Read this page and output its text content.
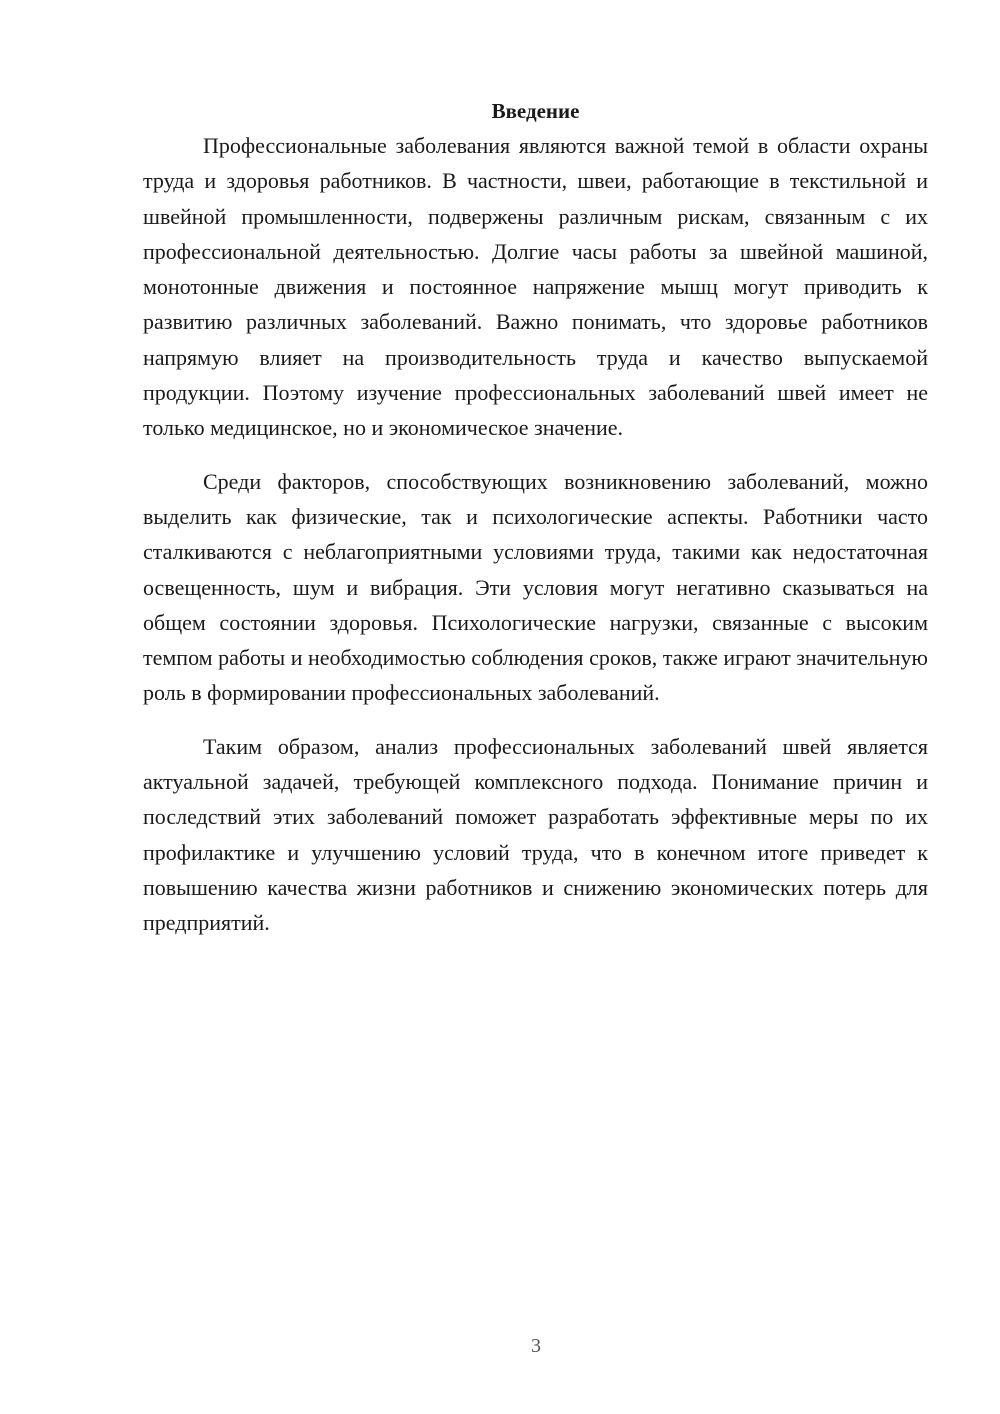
Введение

Профессиональные заболевания являются важной темой в области охраны труда и здоровья работников. В частности, швеи, работающие в текстильной и швейной промышленности, подвержены различным рискам, связанным с их профессиональной деятельностью. Долгие часы работы за швейной машиной, монотонные движения и постоянное напряжение мышц могут приводить к развитию различных заболеваний. Важно понимать, что здоровье работников напрямую влияет на производительность труда и качество выпускаемой продукции. Поэтому изучение профессиональных заболеваний швей имеет не только медицинское, но и экономическое значение.

Среди факторов, способствующих возникновению заболеваний, можно выделить как физические, так и психологические аспекты. Работники часто сталкиваются с неблагоприятными условиями труда, такими как недостаточная освещенность, шум и вибрация. Эти условия могут негативно сказываться на общем состоянии здоровья. Психологические нагрузки, связанные с высоким темпом работы и необходимостью соблюдения сроков, также играют значительную роль в формировании профессиональных заболеваний.

Таким образом, анализ профессиональных заболеваний швей является актуальной задачей, требующей комплексного подхода. Понимание причин и последствий этих заболеваний поможет разработать эффективные меры по их профилактике и улучшению условий труда, что в конечном итоге приведет к повышению качества жизни работников и снижению экономических потерь для предприятий.

3
